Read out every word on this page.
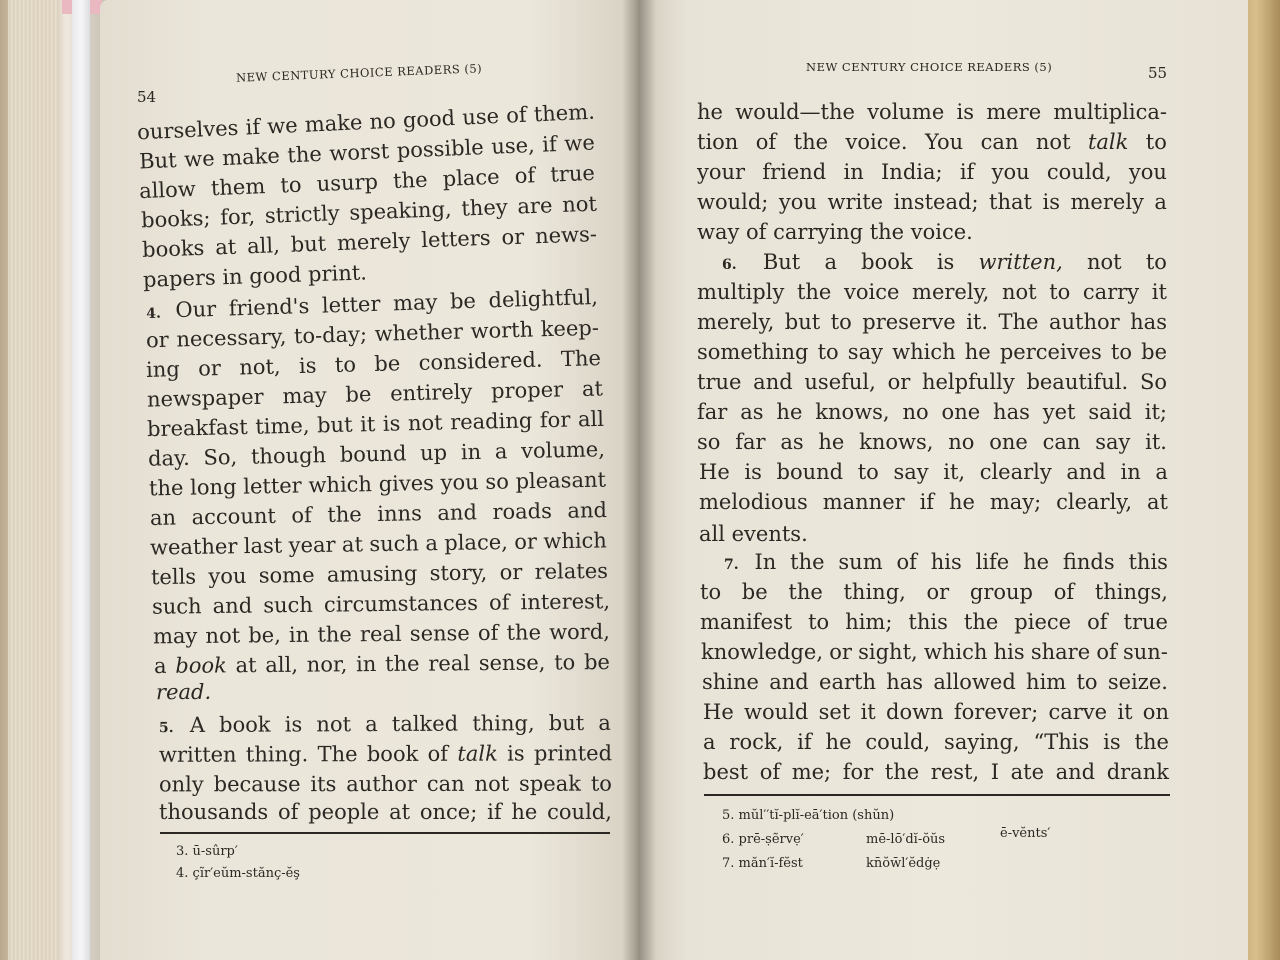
54
NEW CENTURY CHOICE READERS (5)
ourselves if we make no good use of them.
But we make the worst possible use, if we
allow them to usurp the place of true
books; for, strictly speaking, they are not
books at all, but merely letters or news-
papers in good print.
4. Our friend's letter may be delightful,
or necessary, to-day; whether worth keep-
ing or not, is to be considered. The
newspaper may be entirely proper at
breakfast time, but it is not reading for all
day. So, though bound up in a volume,
the long letter which gives you so pleasant
an account of the inns and roads and
weather last year at such a place, or which
tells you some amusing story, or relates
such and such circumstances of interest,
may not be, in the real sense of the word,
a book at all, nor, in the real sense, to be
read.
5. A book is not a talked thing, but a
written thing. The book of talk is printed
only because its author can not speak to
thousands of people at once; if he could,
3. ū-sûrp′
4. çĩr′eŭm-stănç-ĕş
NEW CENTURY CHOICE READERS (5)	55
he would—the volume is mere multiplica-
tion of the voice. You can not talk to
your friend in India; if you could, you
would; you write instead; that is merely a
way of carrying the voice.
6. But a book is written, not to
multiply the voice merely, not to carry it
merely, but to preserve it. The author has
something to say which he perceives to be
true and useful, or helpfully beautiful. So
far as he knows, no one has yet said it;
so far as he knows, no one can say it.
He is bound to say it, clearly and in a
melodious manner if he may; clearly, at
all events.
7. In the sum of his life he finds this
to be the thing, or group of things,
manifest to him; this the piece of true
knowledge, or sight, which his share of sun-
shine and earth has allowed him to seize.
He would set it down forever; carve it on
a rock, if he could, saying, “This is the
best of me; for the rest, I ate and drank
5. mŭl′′tĭ-plĭ-eā′tion (shŭn)
6. prē-ṣẽrvẹ′	mē-lō′dĭ-ŏŭs	ē-vĕnts′
7. măn′ĭ-fĕst	kn̄ŏw̄l′ĕdġẹ
